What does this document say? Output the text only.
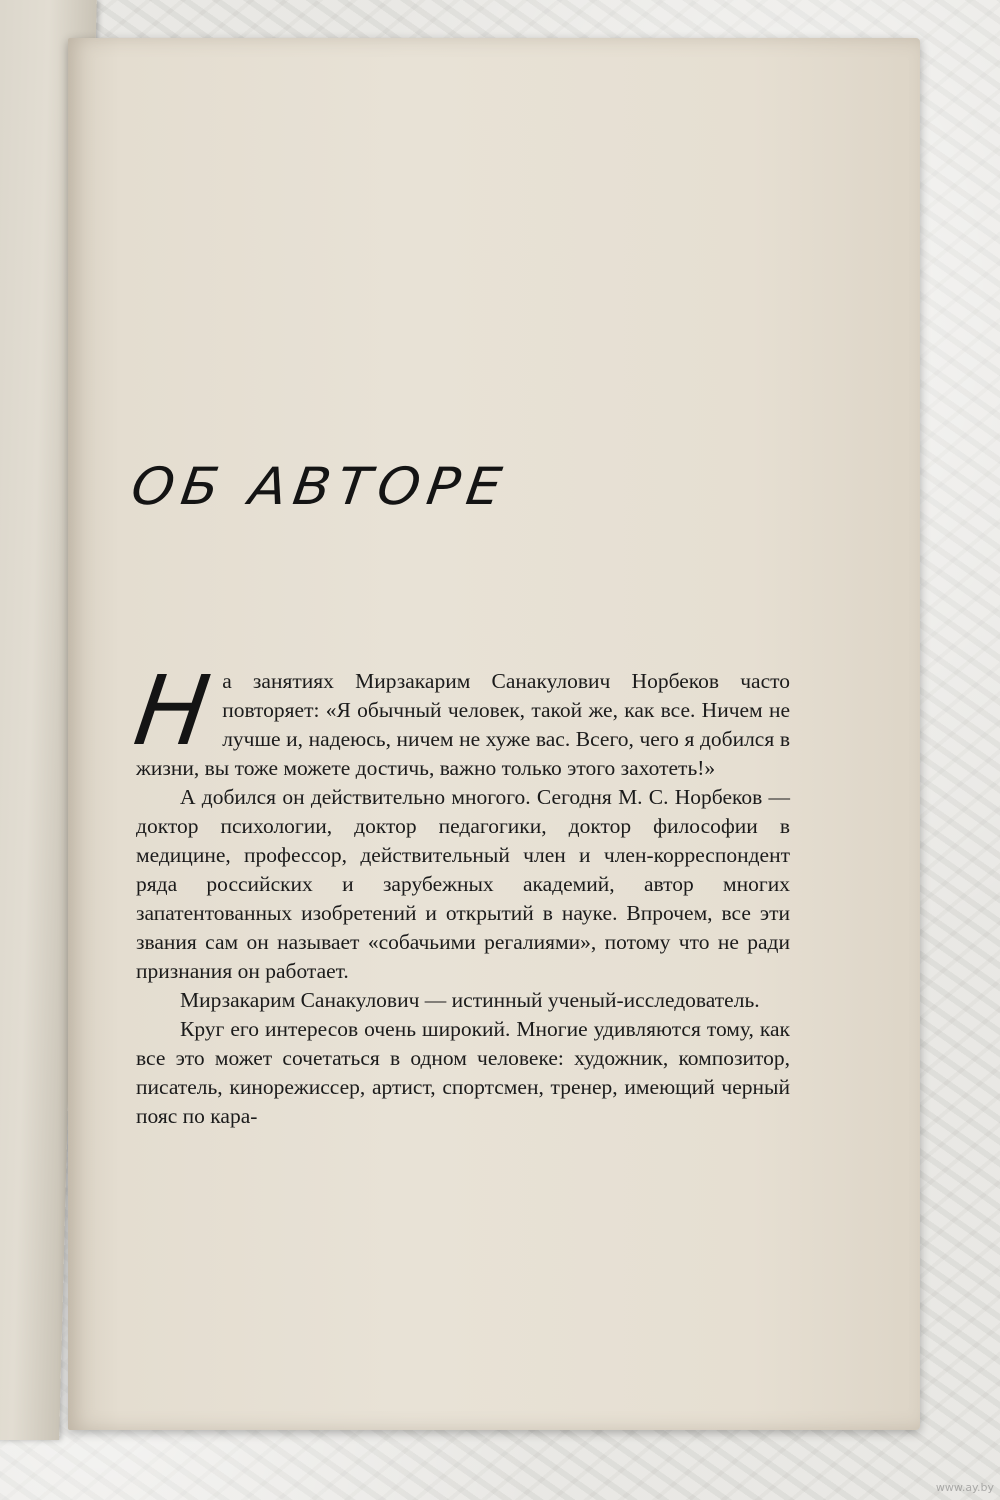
ОБ АВТОРЕ

На занятиях Мирзакарим Санакулович Норбеков часто повторяет: «Я обычный человек, такой же, как все. Ничем не лучше и, надеюсь, ничем не хуже вас. Всего, чего я добился в жизни, вы тоже можете достичь, важно только этого захотеть!»

А добился он действительно многого. Сегодня М. С. Норбеков — доктор психологии, доктор педагогики, доктор философии в медицине, профессор, действительный член и член-корреспондент ряда российских и зарубежных академий, автор многих запатентованных изобретений и открытий в науке. Впрочем, все эти звания сам он называет «собачьими регалиями», потому что не ради признания он работает.

Мирзакарим Санакулович — истинный ученый-исследователь.

Круг его интересов очень широкий. Многие удивляются тому, как все это может сочетаться в одном человеке: художник, композитор, писатель, кинорежиссер, артист, спортсмен, тренер, имеющий черный пояс по кара-

www.ay.by
